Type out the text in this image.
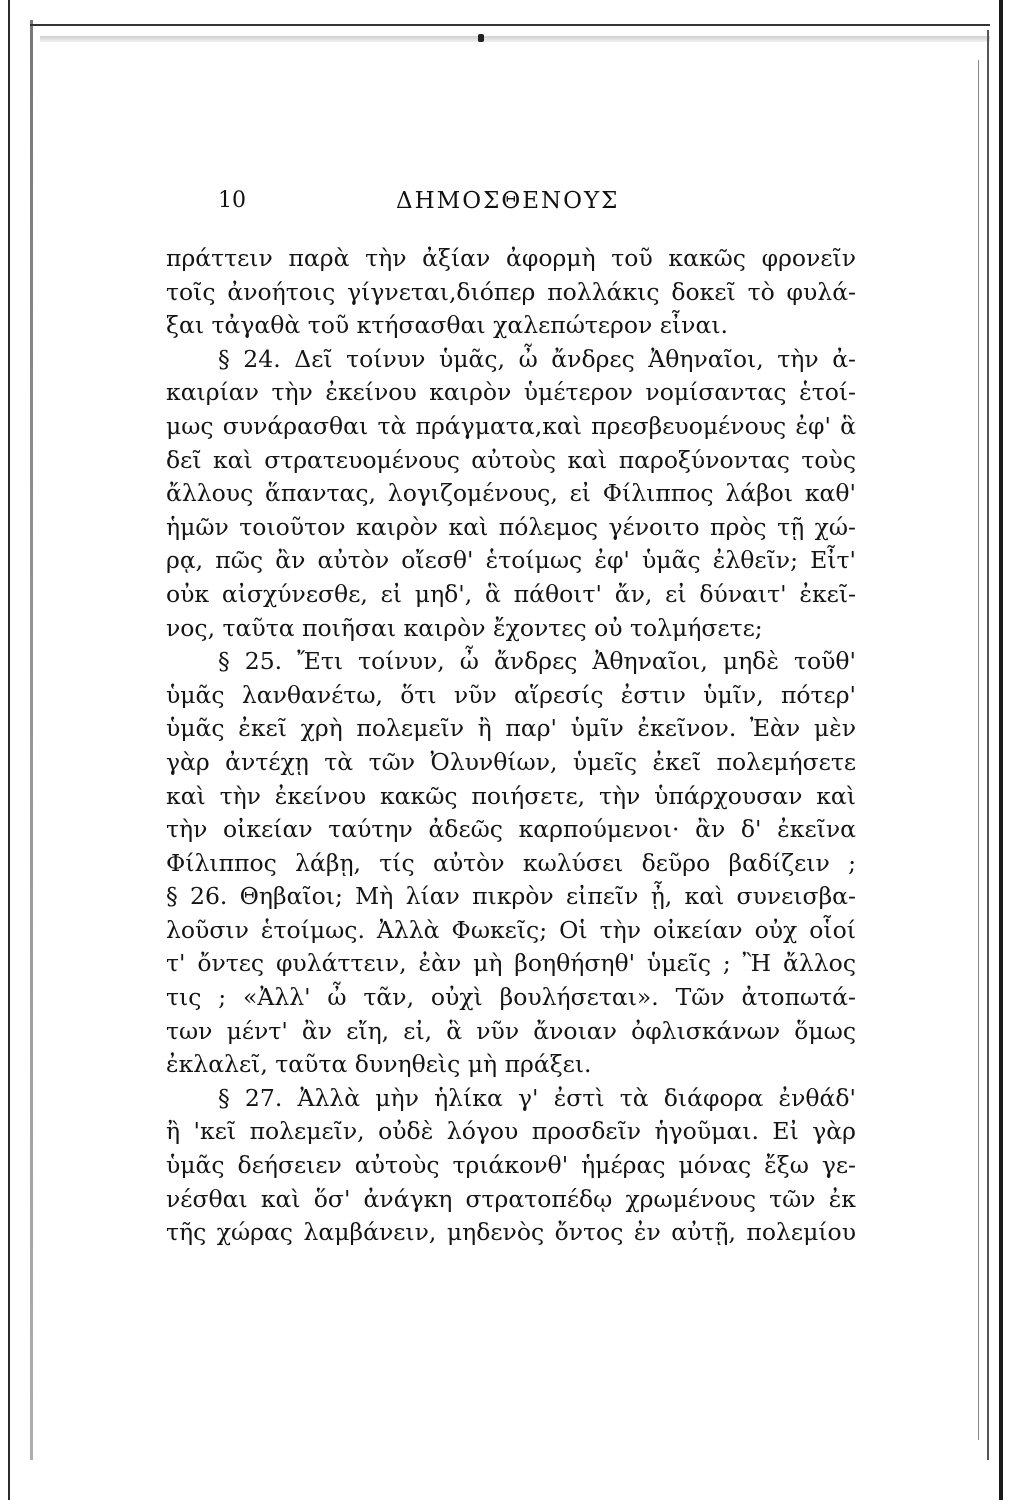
10	ΔΗΜΟΣΘΕΝΟΥΣ
πράττειν παρὰ τὴν ἀξίαν ἀφορμὴ τοῦ κακῶς φρονεῖν
τοῖς ἀνοήτοις γίγνεται,διόπερ πολλάκις δοκεῖ τὸ φυλά-
ξαι τἀγαθὰ τοῦ κτήσασθαι χαλεπώτερον εἶναι.
§ 24. Δεῖ τοίνυν ὑμᾶς, ὦ ἄνδρες Ἀθηναῖοι, τὴν ἀ-
καιρίαν τὴν ἐκείνου καιρὸν ὑμέτερον νομίσαντας ἑτοί-
μως συνάρασθαι τὰ πράγματα,καὶ πρεσβευομένους ἐφ' ἃ
δεῖ καὶ στρατευομένους αὐτοὺς καὶ παροξύνοντας τοὺς
ἄλλους ἅπαντας, λογιζομένους, εἰ Φίλιππος λάβοι καθ'
ἡμῶν τοιοῦτον καιρὸν καὶ πόλεμος γένοιτο πρὸς τῇ χώ-
ρᾳ, πῶς ἂν αὐτὸν οἴεσθ' ἑτοίμως ἐφ' ὑμᾶς ἐλθεῖν; Εἶτ'
οὐκ αἰσχύνεσθε, εἰ μηδ', ἃ πάθοιτ' ἄν, εἰ δύναιτ' ἐκεῖ-
νος, ταῦτα ποιῆσαι καιρὸν ἔχοντες οὐ τολμήσετε;
§ 25. Ἔτι τοίνυν, ὦ ἄνδρες Ἀθηναῖοι, μηδὲ τοῦθ'
ὑμᾶς λανθανέτω, ὅτι νῦν αἵρεσίς ἐστιν ὑμῖν, πότερ'
ὑμᾶς ἐκεῖ χρὴ πολεμεῖν ἢ παρ' ὑμῖν ἐκεῖνον. Ἐὰν μὲν
γὰρ ἀντέχῃ τὰ τῶν Ὀλυνθίων, ὑμεῖς ἐκεῖ πολεμήσετε
καὶ τὴν ἐκείνου κακῶς ποιήσετε, τὴν ὑπάρχουσαν καὶ
τὴν οἰκείαν ταύτην ἀδεῶς καρπούμενοι· ἂν δ' ἐκεῖνα
Φίλιππος λάβῃ, τίς αὐτὸν κωλύσει δεῦρο βαδίζειν ;
§ 26. Θηβαῖοι; Μὴ λίαν πικρὸν εἰπεῖν ᾖ, καὶ συνεισβα-
λοῦσιν ἑτοίμως. Ἀλλὰ Φωκεῖς; Οἱ τὴν οἰκείαν οὐχ οἷοί
τ' ὄντες φυλάττειν, ἐὰν μὴ βοηθήσηθ' ὑμεῖς ; Ἢ ἄλλος
τις ; «Ἀλλ' ὦ τᾶν, οὐχὶ βουλήσεται». Τῶν ἀτοπωτά-
των μέντ' ἂν εἴη, εἰ, ἃ νῦν ἄνοιαν ὀφλισκάνων ὅμως
ἐκλαλεῖ, ταῦτα δυνηθεὶς μὴ πράξει.
§ 27. Ἀλλὰ μὴν ἡλίκα γ' ἐστὶ τὰ διάφορα ἐνθάδ'
ἢ 'κεῖ πολεμεῖν, οὐδὲ λόγου προσδεῖν ἡγοῦμαι. Εἰ γὰρ
ὑμᾶς δεήσειεν αὐτοὺς τριάκονθ' ἡμέρας μόνας ἔξω γε-
νέσθαι καὶ ὅσ' ἀνάγκη στρατοπέδῳ χρωμένους τῶν ἐκ
τῆς χώρας λαμβάνειν, μηδενὸς ὄντος ἐν αὐτῇ, πολεμίου
